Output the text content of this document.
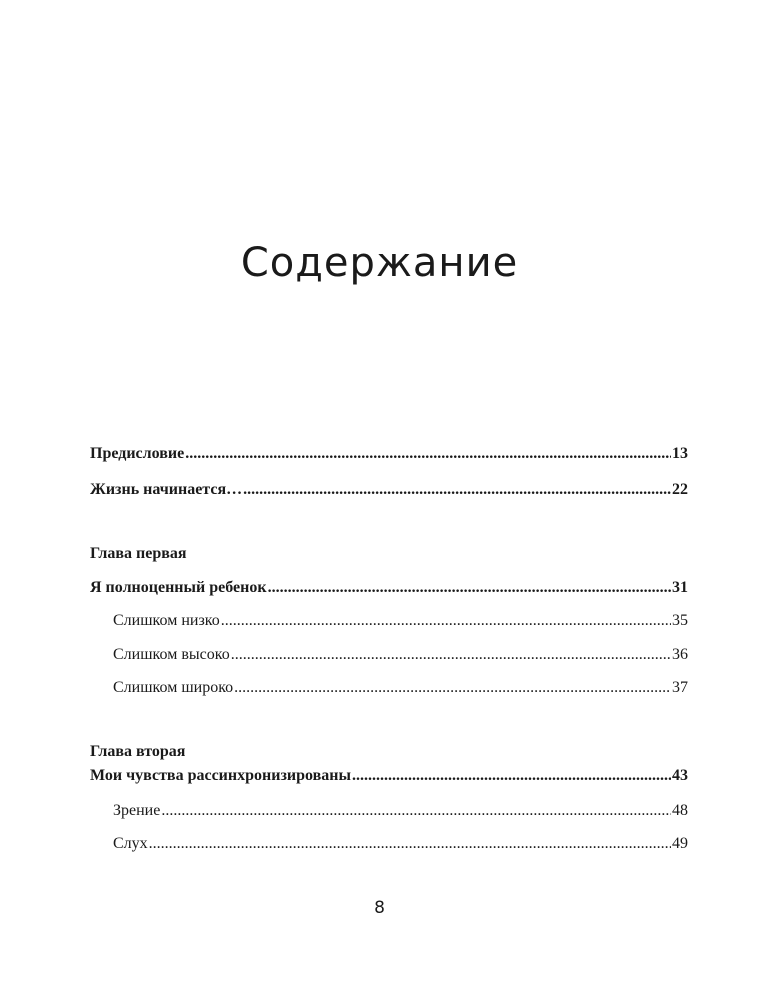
Содержание
Предисловие .....	13
Жизнь начинается… .....	22
Глава первая
Я полноценный ребенок .....	31
Слишком низко .....	35
Слишком высоко .....	36
Слишком широко .....	37
Глава вторая
Мои чувства рассинхронизированы .....	43
Зрение .....	48
Слух .....	49
8
